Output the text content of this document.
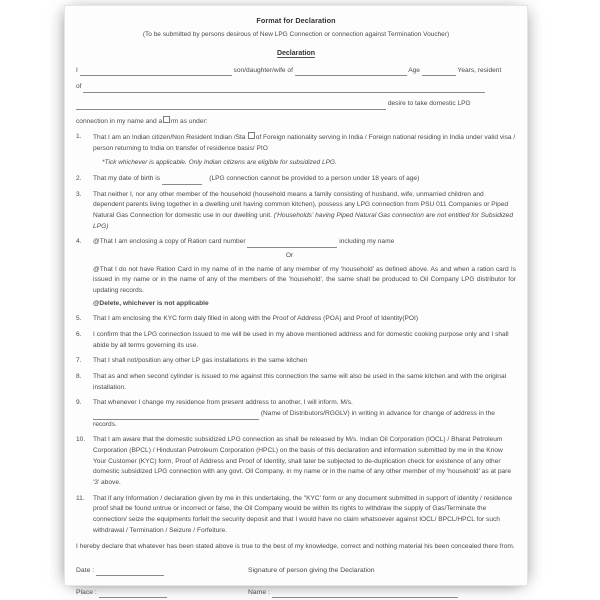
Format for Declaration
(To be submitted by persons desirous of New LPG Connection or connection against Termination Voucher)
Declaration
I	son/daughter/wife of	Age	Years, resident
of
desire to take domestic LPG
connection in my name and a rm as under:
1.	That I am an Indian citizen/Non Resident Indian /Sta of Foreign nationality serving in India / Foreign national residing in India under valid visa / person returning to India on transfer of residence basis/ PIO
*Tick whichever is applicable. Only Indian citizens are eligible for subsidized LPG.
2.	That my date of birth is	(LPG connection cannot be provided to a person under 18 years of age)
3.	That neither I, nor any other member of the household (household means a family consisting of husband, wife, unmarried children and dependent parents living together in a dwelling unit having common kitchen), possess any LPG connection from PSU 011 Companies or Piped Natural Gas Connection for domestic use in our dwelling unit. ('Households' having Piped Natural Gas connection are not entitled for Subsidized LPG)
4.	@That I am enclosing a copy of Ration card number	including my name
Or
@That I do not have Ration Card in my name of in the name of any member of my 'household' as defined above. As and when a ration card Is issued in my name or in the name of any of the members of the 'household', the same shall be produced to Oil Company LPG distributor for updating records.
@Delete, whichever is not applicable
5.	That I am enclosing the KYC form daly filled in along with the Proof of Address (POA) and Proof of Identity(POI)
6.	I confirm that the LPG connection Issued to me will be used in my above mentioned address and for domestic cooking purpose only and I shall abide by all terms governing its use.
7.	That I shall not/position any other LP gas installations in the same kitchen
8.	That as and when second cylinder is issued to me against this connection the same will also be used in the same kitchen and with the original installation.
9.	That whenever I change my residence from present address to another, I will inform. M/s.
(Name of Distributors/RGGLV) in writing in advance for change of address in the records.
10.	That I am aware that the domestic subsidized LPG connection as shall be released by M/s. Indian Oil Corporation (IOCL) / Bharat Petroleum Corporation (BPCL) / Hindustan Petroleum Corporation (HPCL) on the basis of this declaration and information submitted by me in the Know Your Customer (KYC) form, Proof of Address and Proof of Identity, shall later be subjected to de-duplication check for existence of any other domestic subsidized LPG connection with any govt. Oil Company, in my name or in the name of any other member of my 'household' as at pare '3' above.
11.	That if any Information / declaration given by me in this undertaking, the "KYC' form or any document submitted in support of identity / residence proof shall be found untrue or incorrect or false, the Oil Company would be within Its rights to withdraw the supply of Gas/Terminate the connection/ seize the equipments forfeit the security deposit and that I would have no claim whatsoever against IOCL/ BPCL/HPCL for such withdrawal / Termination / Seizure / Forfeiture.
I hereby declare that whatever has been stated above is true to the best of my knowledge, correct and nothing material his been concealed there from.
Date :	Signature of person giving the Declaration
Place :	Name :
